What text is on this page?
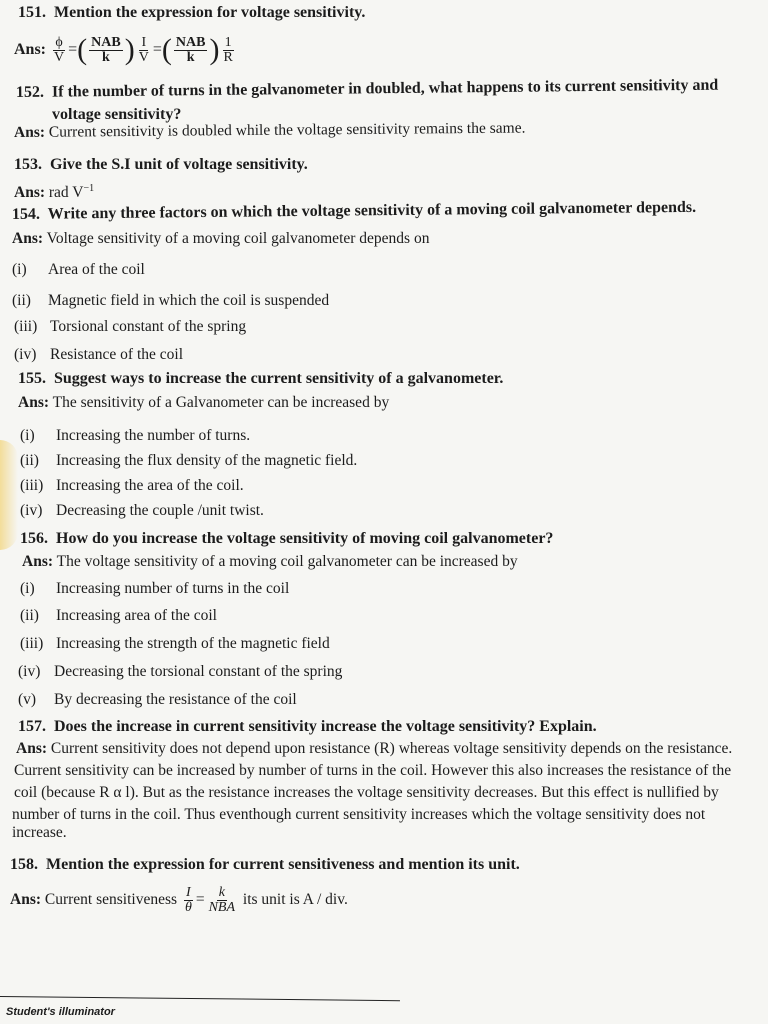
151. Mention the expression for voltage sensitivity.
Ans:
$\frac{\phi}{V}$ = ( $\frac{\text{NAB}}{k}$ ) $\frac{I}{V}$ = ( $\frac{\text{NAB}}{k}$ ) $\frac{1}{R}$
152. If the number of turns in the galvanometer in doubled, what happens to its current sensitivity and
voltage sensitivity?
Ans: Current sensitivity is doubled while the voltage sensitivity remains the same.
153. Give the S.I unit of voltage sensitivity.
Ans: rad $V^{-1}$
154. Write any three factors on which the voltage sensitivity of a moving coil galvanometer depends.
Ans: Voltage sensitivity of a moving coil galvanometer depends on
(i) Area of the coil
(ii) Magnetic field in which the coil is suspended
(iii) Torsional constant of the spring
(iv) Resistance of the coil
155. Suggest ways to increase the current sensitivity of a galvanometer.
Ans: The sensitivity of a Galvanometer can be increased by
(i) Increasing the number of turns.
(ii) Increasing the flux density of the magnetic field.
(iii) Increasing the area of the coil.
(iv) Decreasing the couple /unit twist.
156. How do you increase the voltage sensitivity of moving coil galvanometer?
Ans: The voltage sensitivity of a moving coil galvanometer can be increased by
(i) Increasing number of turns in the coil
(ii) Increasing area of the coil
(iii) Increasing the strength of the magnetic field
(iv) Decreasing the torsional constant of the spring
(v) By decreasing the resistance of the coil
157. Does the increase in current sensitivity increase the voltage sensitivity? Explain.
Ans: Current sensitivity does not depend upon resistance (R) whereas voltage sensitivity depends on the resistance.
Current sensitivity can be increased by number of turns in the coil. However this also increases the resistance of the
coil (because R α l). But as the resistance increases the voltage sensitivity decreases. But this effect is nullified by
number of turns in the coil. Thus eventhough current sensitivity increases which the voltage sensitivity does not
increase.
158. Mention the expression for current sensitiveness and mention its unit.
Ans:
Current sensitiveness
$\frac{I}{\theta} = \frac{k}{\text{NBA}}$
its unit is A / div.
Student's illuminator
